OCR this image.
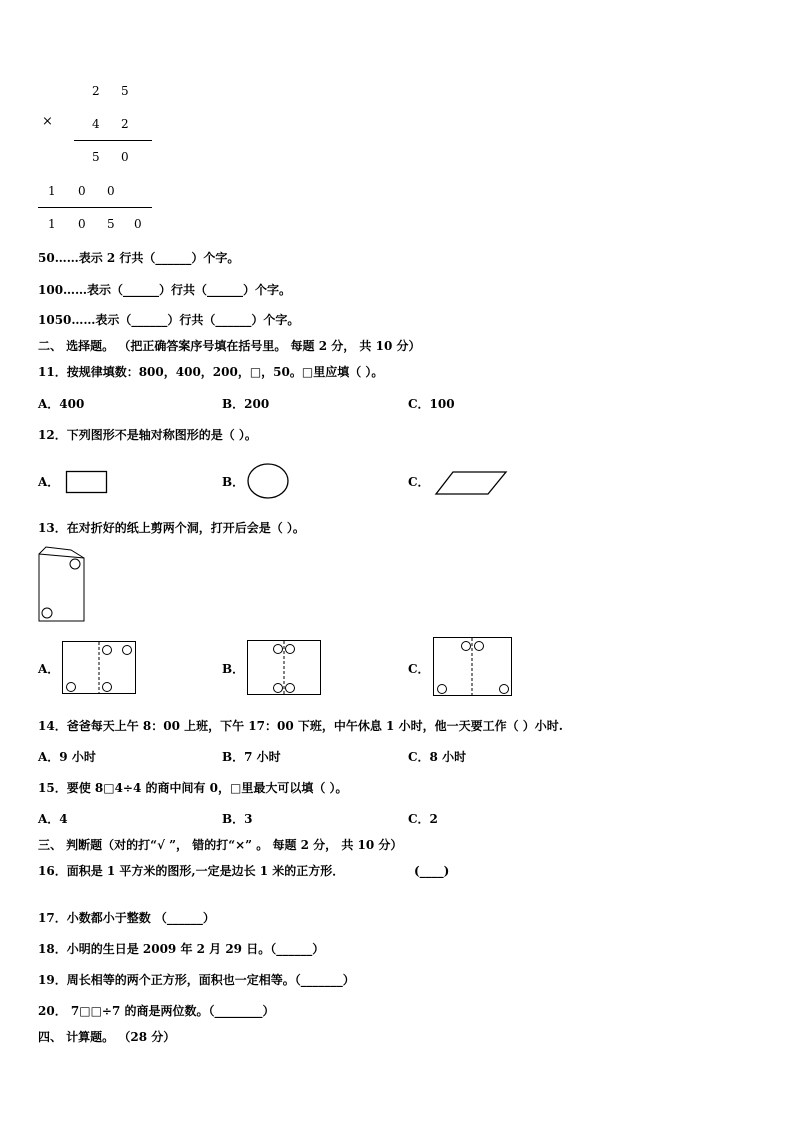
2 5
×	4 2
5 0
1 0 0
1 0 5 0
50……表示 2 行共（______）个字。
100……表示（______）行共（______）个字。
1050……表示（______）行共（______）个字。
二、 选择题。 （把正确答案序号填在括号里。 每题 2 分， 共 10 分）
11．按规律填数：800，400，200，□，50。□里应填（ ）。
A．400	B．200	C．100
12．下列图形不是轴对称图形的是（ ）。
A．	B．	C．
13．在对折好的纸上剪两个洞，打开后会是（ ）。
A．	B．	C．
14．爸爸每天上午 8：00 上班，下午 17：00 下班，中午休息 1 小时，他一天要工作（ ）小时.
A．9 小时	B．7 小时	C．8 小时
15．要使 8□4÷4 的商中间有 0，□里最大可以填（ ）。
A．4	B．3	C．2
三、 判断题（对的打“√ ”， 错的打“×” 。 每题 2 分， 共 10 分）
16．面积是 1 平方米的图形,一定是边长 1 米的正方形．	(____)
17．小数都小于整数 （______）
18．小明的生日是 2009 年 2 月 29 日。（______）
19．周长相等的两个正方形，面积也一定相等。（_______）
20． 7□□÷7 的商是两位数。（________）
四、 计算题。 （28 分）
